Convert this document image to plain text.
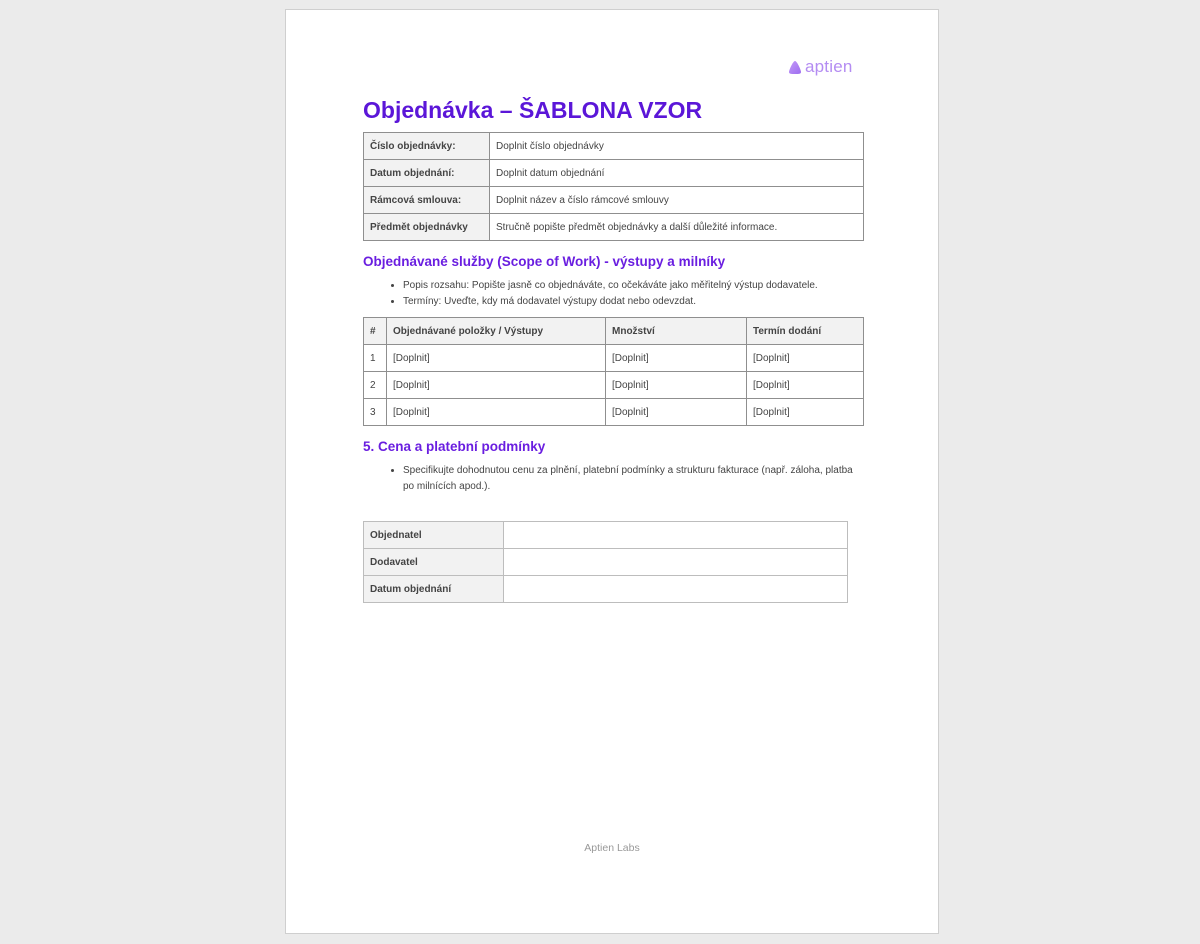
aptien
Objednávka – ŠABLONA VZOR
Číslo objednávky:	Doplnit číslo objednávky
Datum objednání:	Doplnit datum objednání
Rámcová smlouva:	Doplnit název a číslo rámcové smlouvy
Předmět objednávky	Stručně popište předmět objednávky a další důležité informace.
Objednávané služby (Scope of Work) - výstupy a milníky
• Popis rozsahu: Popište jasně co objednáváte, co očekáváte jako měřitelný výstup dodavatele.
• Termíny: Uveďte, kdy má dodavatel výstupy dodat nebo odevzdat.
#	Objednávané položky / Výstupy	Množství	Termín dodání
1	[Doplnit]	[Doplnit]	[Doplnit]
2	[Doplnit]	[Doplnit]	[Doplnit]
3	[Doplnit]	[Doplnit]	[Doplnit]
5. Cena a platební podmínky
• Specifikujte dohodnutou cenu za plnění, platební podmínky a strukturu fakturace (např. záloha, platba po milnících apod.).
Objednatel	
Dodavatel	
Datum objednání	
Aptien Labs
